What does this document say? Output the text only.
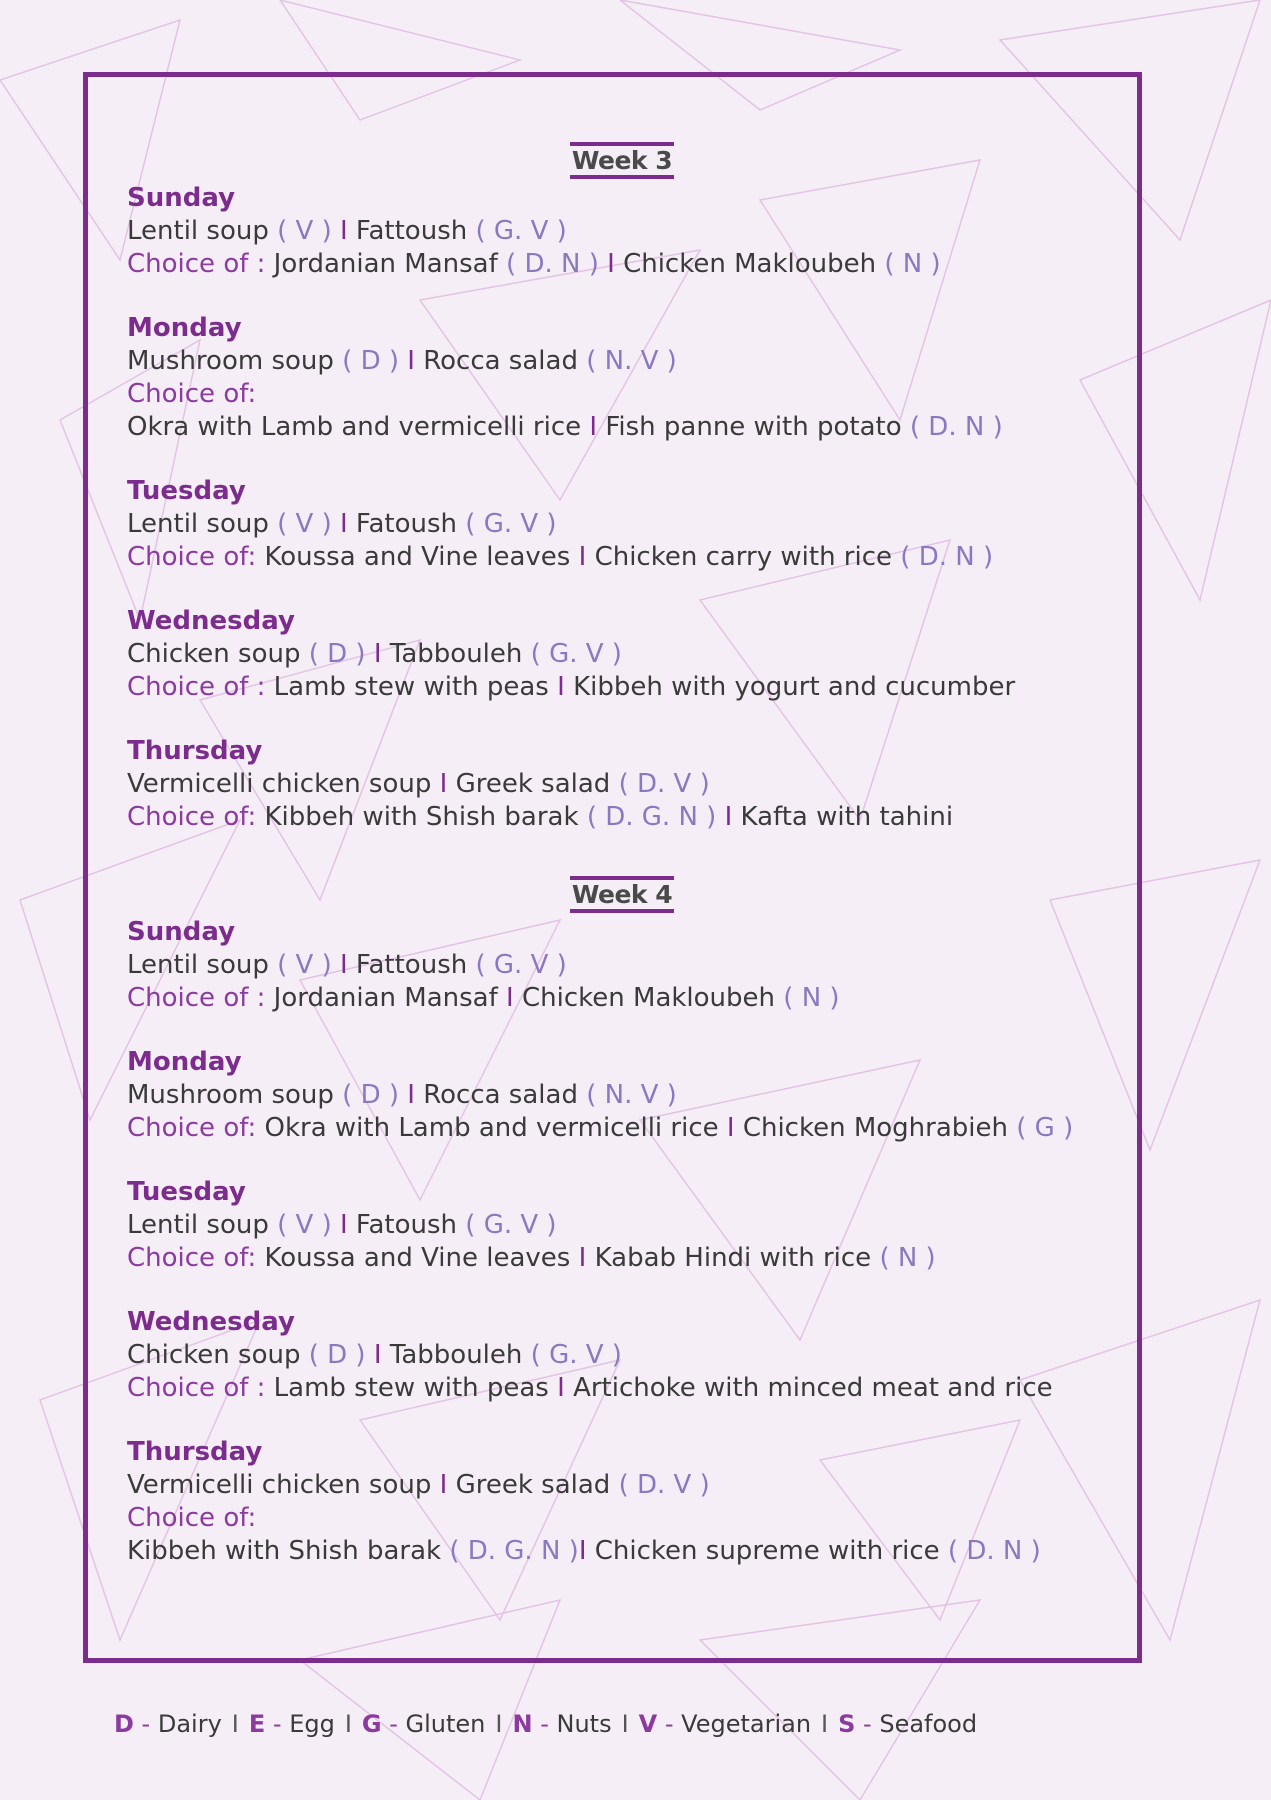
Week 3
Sunday
Lentil soup ( V ) I Fattoush ( G. V )
Choice of : Jordanian Mansaf ( D. N ) I Chicken Makloubeh ( N )
Monday
Mushroom soup ( D ) I Rocca salad ( N. V )
Choice of:
Okra with Lamb and vermicelli rice I Fish panne with potato ( D. N )
Tuesday
Lentil soup ( V ) I Fatoush ( G. V )
Choice of: Koussa and Vine leaves I Chicken carry with rice ( D. N )
Wednesday
Chicken soup ( D ) I Tabbouleh ( G. V )
Choice of : Lamb stew with peas I Kibbeh with yogurt and cucumber
Thursday
Vermicelli chicken soup I Greek salad ( D. V )
Choice of: Kibbeh with Shish barak ( D. G. N ) I Kafta with tahini
Week 4
Sunday
Lentil soup ( V ) I Fattoush ( G. V )
Choice of : Jordanian Mansaf I Chicken Makloubeh ( N )
Monday
Mushroom soup ( D ) I Rocca salad ( N. V )
Choice of: Okra with Lamb and vermicelli rice I Chicken Moghrabieh ( G )
Tuesday
Lentil soup ( V ) I Fatoush ( G. V )
Choice of: Koussa and Vine leaves I Kabab Hindi with rice ( N )
Wednesday
Chicken soup ( D ) I Tabbouleh ( G. V )
Choice of : Lamb stew with peas I Artichoke with minced meat and rice
Thursday
Vermicelli chicken soup I Greek salad ( D. V )
Choice of:
Kibbeh with Shish barak ( D. G. N )I Chicken supreme with rice ( D. N )
D - Dairy I E - Egg I G - Gluten I N - Nuts I V - Vegetarian I S - Seafood
